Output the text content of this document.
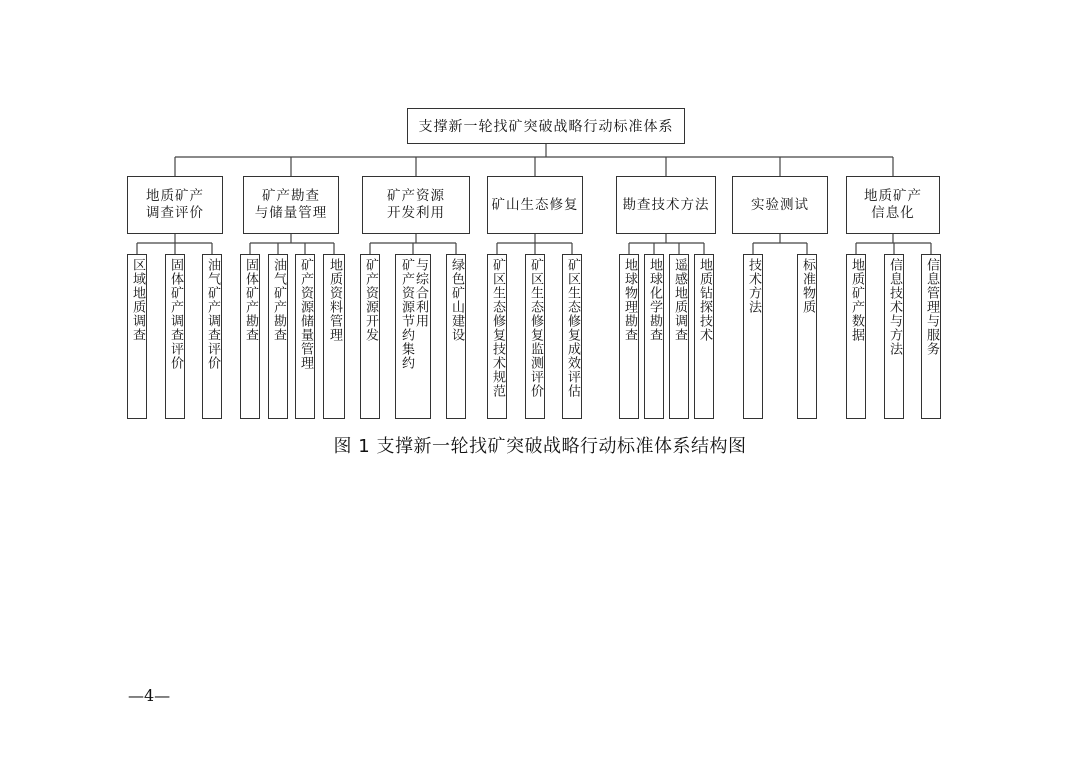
支撑新一轮找矿突破战略行动标准体系
地质矿产
调查评价
区域地质调查 固体矿产调查评价 油气矿产调查评价
矿产勘查
与储量管理
固体矿产勘查 油气矿产勘查 矿产资源储量管理 地质资料管理
矿产资源
开发利用
矿产资源开发	与综合利用
矿产资源节约集约	绿色矿山建设
矿山生态修复
矿区生态修复技术规范 矿区生态修复监测评价 矿区生态修复成效评估
勘查技术方法
地球物理勘查 地球化学勘查 遥感地质调查 地质钻探技术
实验测试
技术方法	标准物质
地质矿产
信息化
地质矿产数据 信息技术与方法 信息管理与服务
图 1 支撑新一轮找矿突破战略行动标准体系结构图
—4—
